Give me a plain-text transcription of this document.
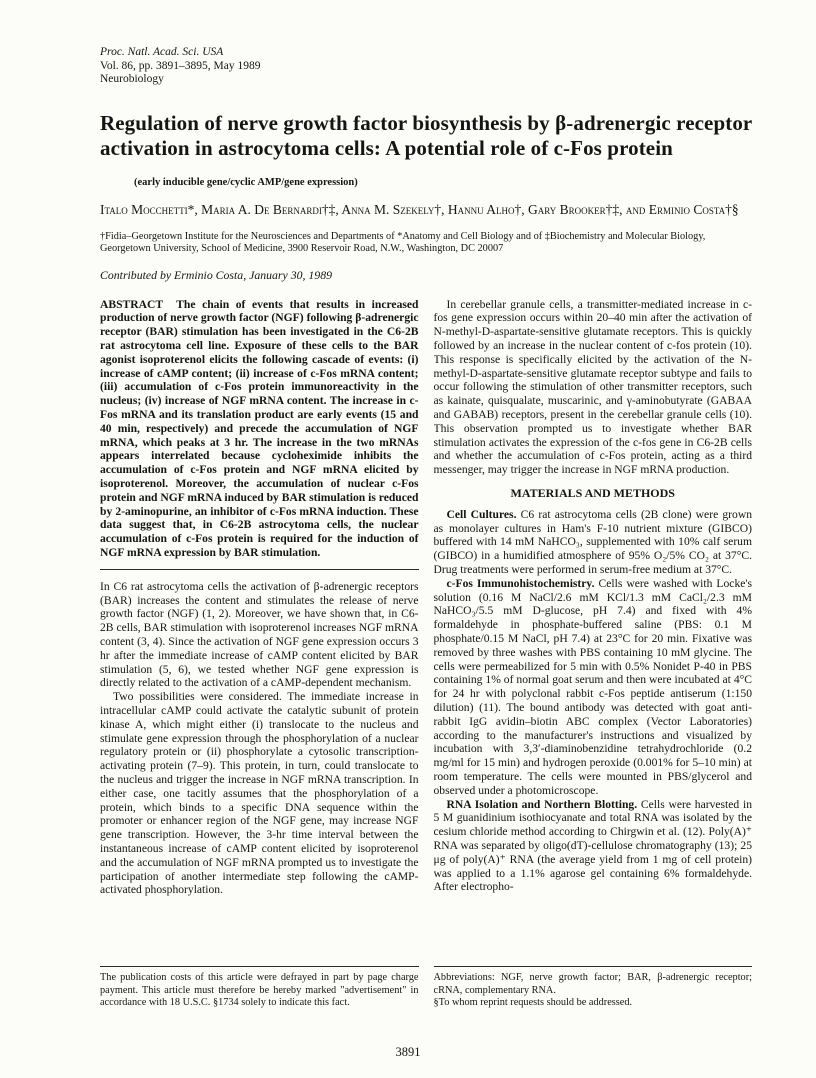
Proc. Natl. Acad. Sci. USA
Vol. 86, pp. 3891–3895, May 1989
Neurobiology
Regulation of nerve growth factor biosynthesis by β-adrenergic receptor activation in astrocytoma cells: A potential role of c-Fos protein
(early inducible gene/cyclic AMP/gene expression)
Italo Mocchetti*, Maria A. De Bernardi†‡, Anna M. Szekely†, Hannu Alho†, Gary Brooker†‡, and Erminio Costa†§
†Fidia–Georgetown Institute for the Neurosciences and Departments of *Anatomy and Cell Biology and of ‡Biochemistry and Molecular Biology, Georgetown University, School of Medicine, 3900 Reservoir Road, N.W., Washington, DC 20007
Contributed by Erminio Costa, January 30, 1989

ABSTRACT The chain of events that results in increased production of nerve growth factor (NGF) following β-adrenergic receptor (BAR) stimulation has been investigated in the C6-2B rat astrocytoma cell line. Exposure of these cells to the BAR agonist isoproterenol elicits the following cascade of events: (i) increase of cAMP content; (ii) increase of c-Fos mRNA content; (iii) accumulation of c-Fos protein immunoreactivity in the nucleus; (iv) increase of NGF mRNA content. The increase in c-Fos mRNA and its translation product are early events (15 and 40 min, respectively) and precede the accumulation of NGF mRNA, which peaks at 3 hr. The increase in the two mRNAs appears interrelated because cycloheximide inhibits the accumulation of c-Fos protein and NGF mRNA elicited by isoproterenol. Moreover, the accumulation of nuclear c-Fos protein and NGF mRNA induced by BAR stimulation is reduced by 2-aminopurine, an inhibitor of c-Fos mRNA induction. These data suggest that, in C6-2B astrocytoma cells, the nuclear accumulation of c-Fos protein is required for the induction of NGF mRNA expression by BAR stimulation.

In C6 rat astrocytoma cells the activation of β-adrenergic receptors (BAR) increases the content and stimulates the release of nerve growth factor (NGF) (1, 2). Moreover, we have shown that, in C6-2B cells, BAR stimulation with isoproterenol increases NGF mRNA content (3, 4). Since the activation of NGF gene expression occurs 3 hr after the immediate increase of cAMP content elicited by BAR stimulation (5, 6), we tested whether NGF gene expression is directly related to the activation of a cAMP-dependent mechanism.

Two possibilities were considered. The immediate increase in intracellular cAMP could activate the catalytic subunit of protein kinase A, which might either (i) translocate to the nucleus and stimulate gene expression through the phosphorylation of a nuclear regulatory protein or (ii) phosphorylate a cytosolic transcription-activating protein (7–9). This protein, in turn, could translocate to the nucleus and trigger the increase in NGF mRNA transcription. In either case, one tacitly assumes that the phosphorylation of a protein, which binds to a specific DNA sequence within the promoter or enhancer region of the NGF gene, may increase NGF gene transcription. However, the 3-hr time interval between the instantaneous increase of cAMP content elicited by isoproterenol and the accumulation of NGF mRNA prompted us to investigate the participation of another intermediate step following the cAMP-activated phosphorylation.

The publication costs of this article were defrayed in part by page charge payment. This article must therefore be hereby marked "advertisement" in accordance with 18 U.S.C. §1734 solely to indicate this fact.

In cerebellar granule cells, a transmitter-mediated increase in c-fos gene expression occurs within 20–40 min after the activation of N-methyl-D-aspartate-sensitive glutamate receptors. This is quickly followed by an increase in the nuclear content of c-fos protein (10). This response is specifically elicited by the activation of the N-methyl-D-aspartate-sensitive glutamate receptor subtype and fails to occur following the stimulation of other transmitter receptors, such as kainate, quisqualate, muscarinic, and γ-aminobutyrate (GABAA and GABAB) receptors, present in the cerebellar granule cells (10). This observation prompted us to investigate whether BAR stimulation activates the expression of the c-fos gene in C6-2B cells and whether the accumulation of c-Fos protein, acting as a third messenger, may trigger the increase in NGF mRNA production.

MATERIALS AND METHODS

Cell Cultures. C6 rat astrocytoma cells (2B clone) were grown as monolayer cultures in Ham's F-10 nutrient mixture (GIBCO) buffered with 14 mM NaHCO₃, supplemented with 10% calf serum (GIBCO) in a humidified atmosphere of 95% O₂/5% CO₂ at 37°C. Drug treatments were performed in serum-free medium at 37°C.

c-Fos Immunohistochemistry. Cells were washed with Locke's solution (0.16 M NaCl/2.6 mM KCl/1.3 mM CaCl₂/2.3 mM NaHCO₃/5.5 mM D-glucose, pH 7.4) and fixed with 4% formaldehyde in phosphate-buffered saline (PBS: 0.1 M phosphate/0.15 M NaCl, pH 7.4) at 23°C for 20 min. Fixative was removed by three washes with PBS containing 10 mM glycine. The cells were permeabilized for 5 min with 0.5% Nonidet P-40 in PBS containing 1% of normal goat serum and then were incubated at 4°C for 24 hr with polyclonal rabbit c-Fos peptide antiserum (1:150 dilution) (11). The bound antibody was detected with goat anti-rabbit IgG avidin–biotin ABC complex (Vector Laboratories) according to the manufacturer's instructions and visualized by incubation with 3,3′-diaminobenzidine tetrahydrochloride (0.2 mg/ml for 15 min) and hydrogen peroxide (0.001% for 5–10 min) at room temperature. The cells were mounted in PBS/glycerol and observed under a photomicroscope.

RNA Isolation and Northern Blotting. Cells were harvested in 5 M guanidinium isothiocyanate and total RNA was isolated by the cesium chloride method according to Chirgwin et al. (12). Poly(A)⁺ RNA was separated by oligo(dT)-cellulose chromatography (13); 25 μg of poly(A)⁺ RNA (the average yield from 1 mg of cell protein) was applied to a 1.1% agarose gel containing 6% formaldehyde. After electropho-

Abbreviations: NGF, nerve growth factor; BAR, β-adrenergic receptor; cRNA, complementary RNA.

§To whom reprint requests should be addressed.

3891
